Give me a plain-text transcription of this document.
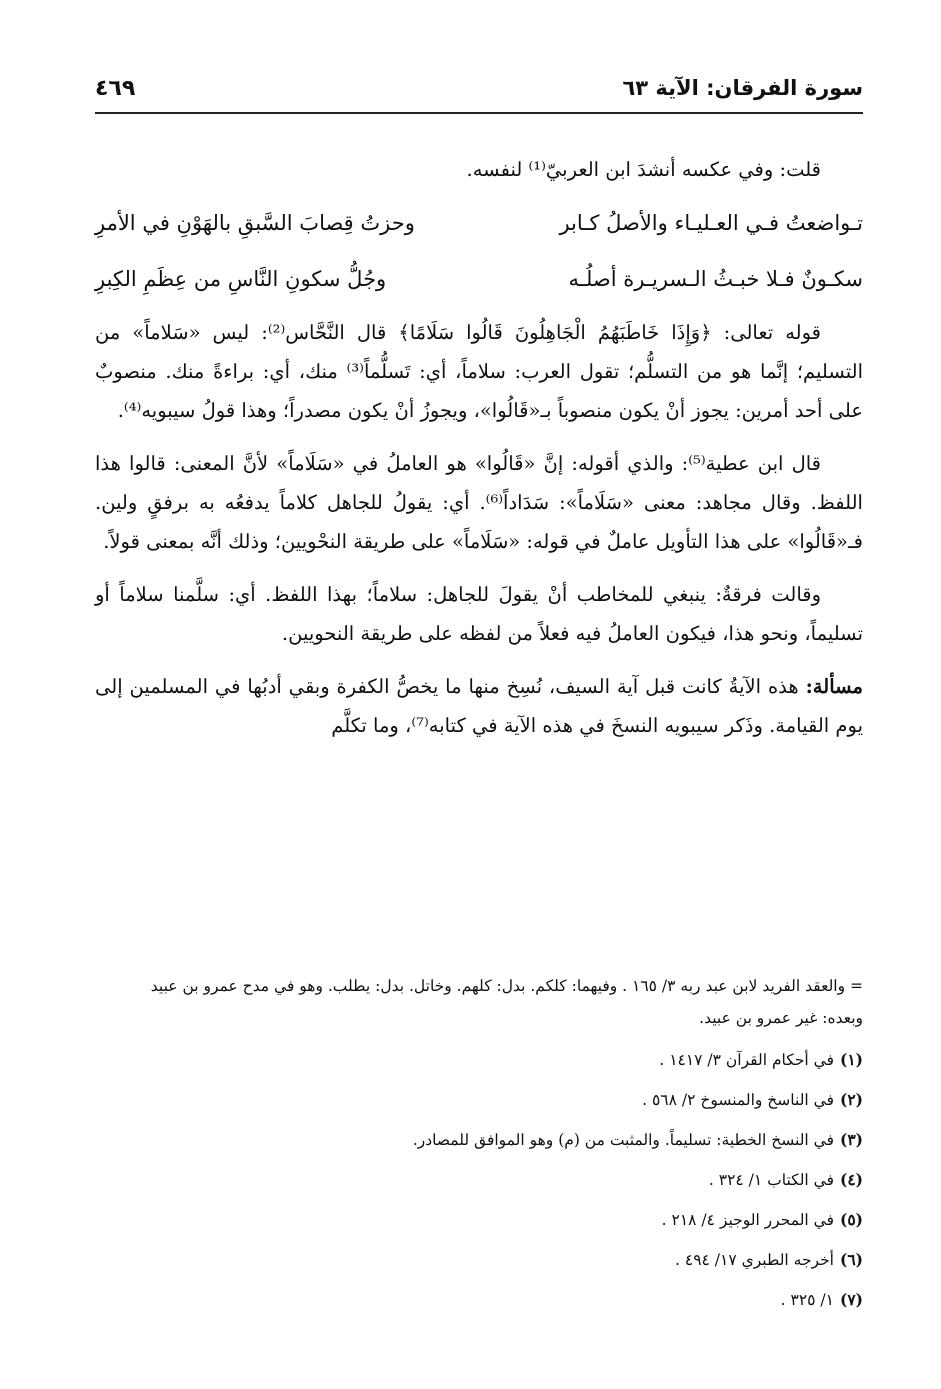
سورة الفرقان: الآية ٦٣
٤٦٩

قلت: وفي عكسه أنشدَ ابن العربيّ⁽¹⁾ لنفسه.

تـواضعتُ فـي العـليـاء والأصلُ كـابر
وحزتُ قِصابَ السَّبقِ بالهَوْنِ في الأمرِ
سكـونٌ فـلا خبـثُ الـسريـرة أصلُـه
وجُلُّ سكونِ النَّاسِ من عِظَمِ الكِبرِ

قوله تعالى: ﴿وَإِذَا خَاطَبَهُمُ الْجَاهِلُونَ قَالُوا سَلَامًا﴾ قال النَّحَّاس⁽²⁾: ليس «سَلاماً» من التسليم؛ إنَّما هو من التسلُّم؛ تقول العرب: سلاماً، أي: تَسلُّماً⁽³⁾ منك، أي: براءةً منك. منصوبٌ على أحد أمرين: يجوز أنْ يكون منصوباً بـ«قَالُوا»، ويجوزُ أنْ يكون مصدراً؛ وهذا قولُ سيبويه⁽⁴⁾.

قال ابن عطية⁽⁵⁾: والذي أقوله: إنَّ «قَالُوا» هو العاملُ في «سَلَاماً» لأنَّ المعنى: قالوا هذا اللفظ. وقال مجاهد: معنى «سَلَاماً»: سَدَاداً⁽⁶⁾. أي: يقولُ للجاهل كلاماً يدفعُه به برفقٍ ولين. فـ«قَالُوا» على هذا التأويل عاملٌ في قوله: «سَلَاماً» على طريقة النحْويين؛ وذلك أنَّه بمعنى قولاً.

وقالت فرقةٌ: ينبغي للمخاطب أنْ يقولَ للجاهل: سلاماً؛ بهذا اللفظ. أي: سلَّمنا سلاماً أو تسليماً، ونحو هذا، فيكون العاملُ فيه فعلاً من لفظه على طريقة النحويين.

مسألة: هذه الآيةُ كانت قبل آية السيف، نُسِخ منها ما يخصُّ الكفرة وبقي أدبُها في المسلمين إلى يوم القيامة. وذَكر سيبويه النسخَ في هذه الآية في كتابه⁽⁷⁾، وما تكلَّم

= والعقد الفريد لابن عبد ربه ٣/ ١٦٥ . وفيهما: كلكم. بدل: كلهم. وخاتل. بدل: يطلب. وهو في مدح عمرو بن عبيد وبعده: غير عمرو بن عبيد.

(١)في أحكام القرآن ٣/ ١٤١٧ .

(٢)في الناسخ والمنسوخ ٢/ ٥٦٨ .

(٣)في النسخ الخطية: تسليماً. والمثبت من (م) وهو الموافق للمصادر.

(٤)في الكتاب ١/ ٣٢٤ .

(٥)في المحرر الوجيز ٤/ ٢١٨ .

(٦)أخرجه الطبري ١٧/ ٤٩٤ .

(٧)١/ ٣٢٥ .
